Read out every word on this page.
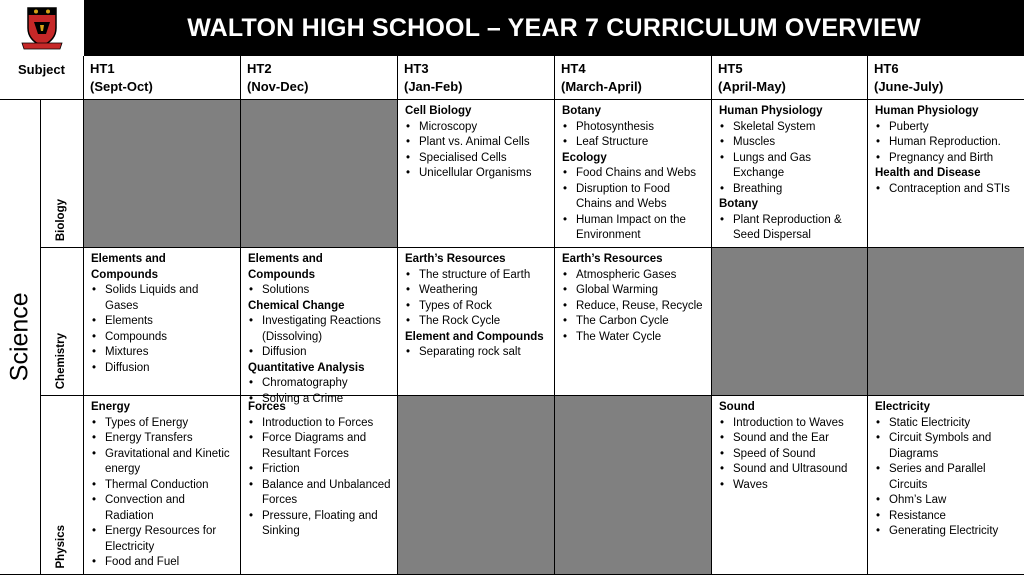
WALTON HIGH SCHOOL – YEAR 7 CURRICULUM OVERVIEW
Subject	HT1
(Sept-Oct)
HT2
(Nov-Dec)
HT3
(Jan-Feb)
HT4
(March-April)
HT5
(April-May)
HT6
(June-July)
Science
Biology
Cell Biology
• Microscopy
• Plant vs. Animal Cells
• Specialised Cells
• Unicellular Organisms
Botany
• Photosynthesis
• Leaf Structure
Ecology
• Food Chains and Webs
• Disruption to Food Chains and Webs
• Human Impact on the Environment
Human Physiology
• Skeletal System
• Muscles
• Lungs and Gas Exchange
• Breathing
Botany
• Plant Reproduction & Seed Dispersal
Human Physiology
• Puberty
• Human Reproduction.
• Pregnancy and Birth
Health and Disease
• Contraception and STIs
Chemistry
Elements and Compounds
• Solids Liquids and Gases
• Elements
• Compounds
• Mixtures
• Diffusion
Elements and Compounds
• Solutions
Chemical Change
• Investigating Reactions (Dissolving)
• Diffusion
Quantitative Analysis
• Chromatography
• Solving a Crime
Earth’s Resources
• The structure of Earth
• Weathering
• Types of Rock
• The Rock Cycle
Element and Compounds
• Separating rock salt
Earth’s Resources
• Atmospheric Gases
• Global Warming
• Reduce, Reuse, Recycle
• The Carbon Cycle
• The Water Cycle
Physics
Energy
• Types of Energy
• Energy Transfers
• Gravitational and Kinetic energy
• Thermal Conduction
• Convection and Radiation
• Energy Resources for Electricity
• Food and Fuel
Forces
• Introduction to Forces
• Force Diagrams and Resultant Forces
• Friction
• Balance and Unbalanced Forces
• Pressure, Floating and Sinking
Sound
• Introduction to Waves
• Sound and the Ear
• Speed of Sound
• Sound and Ultrasound
• Waves
Electricity
• Static Electricity
• Circuit Symbols and Diagrams
• Series and Parallel Circuits
• Ohm’s Law
• Resistance
• Generating Electricity
